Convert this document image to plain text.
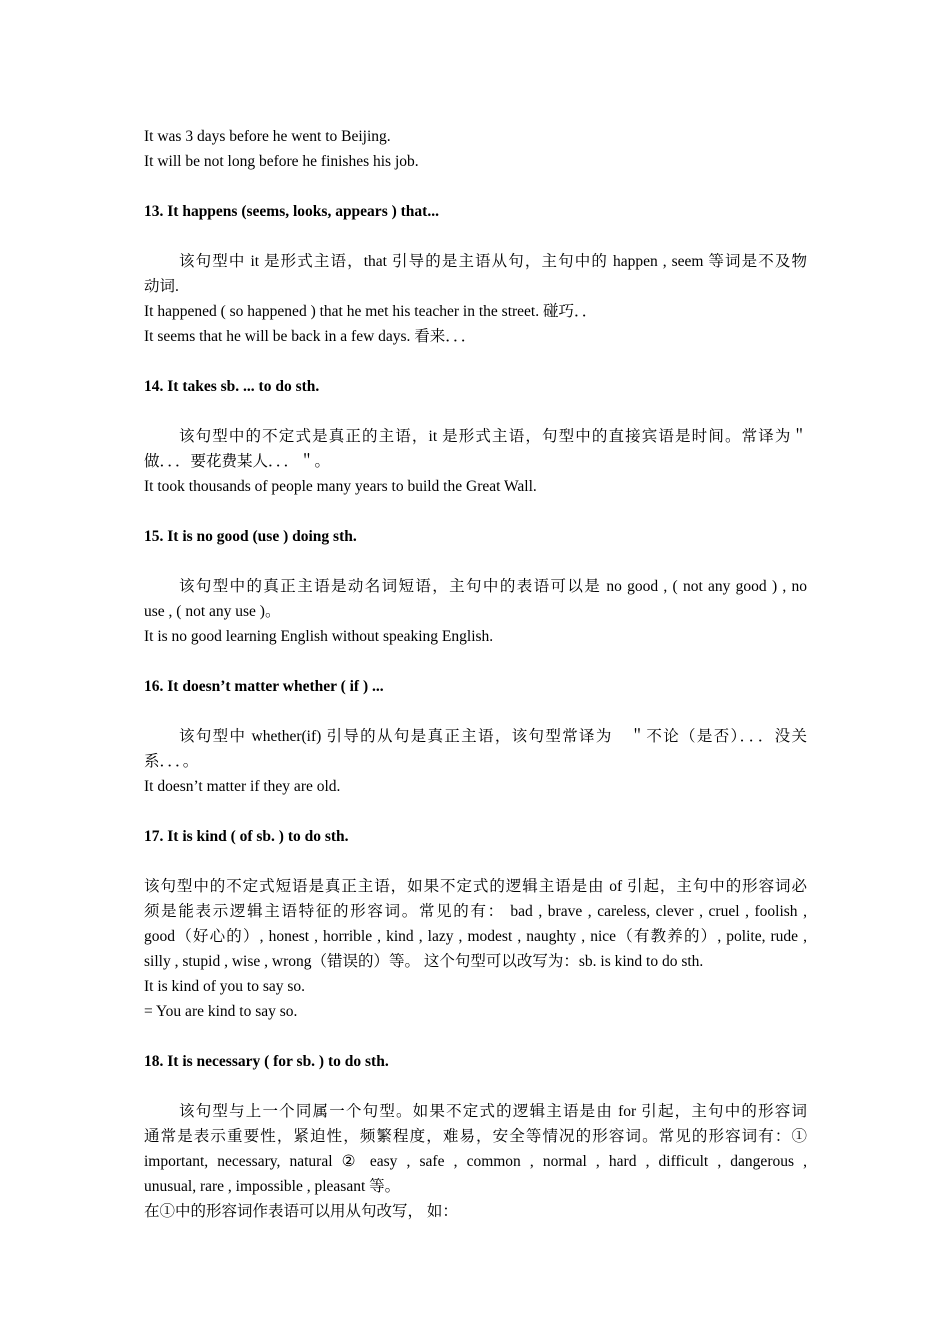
It was 3 days before he went to Beijing.
It will be not long before he finishes his job.
13. It happens (seems, looks, appears ) that...
该句型中 it 是形式主语，that 引导的是主语从句，主句中的 happen , seem 等词是不及物
动词.
It happened ( so happened ) that he met his teacher in the street. 碰巧．．
It seems that he will be back in a few days. 看来．．．
14. It takes sb. ... to do sth.
该句型中的不定式是真正的主语，it 是形式主语，句型中的直接宾语是时间。常译为＂
做．．．要花费某人．．．＂。
It took thousands of people many years to build the Great Wall.
15. It is no good (use ) doing sth.
该句型中的真正主语是动名词短语，主句中的表语可以是 no good , ( not any good ) , no
use , ( not any use )。
It is no good learning English without speaking English.
16. It doesn’t matter whether ( if ) ...
该句型中 whether(if) 引导的从句是真正主语，该句型常译为　＂不论（是否）．．．没关
系．．．。
It doesn’t matter if they are old.
17. It is kind ( of sb. ) to do sth.
该句型中的不定式短语是真正主语，如果不定式的逻辑主语是由 of 引起，主句中的形容词必
须是能表示逻辑主语特征的形容词。常见的有： bad , brave , careless, clever , cruel , foolish ,
good（好心的）, honest , horrible , kind , lazy , modest , naughty , nice（有教养的）, polite, rude ,
silly , stupid , wise , wrong（错误的）等。 这个句型可以改写为：sb. is kind to do sth.
It is kind of you to say so.
= You are kind to say so.
18. It is necessary ( for sb. ) to do sth.
该句型与上一个同属一个句型。如果不定式的逻辑主语是由 for 引起，主句中的形容词
通常是表示重要性，紧迫性，频繁程度，难易，安全等情况的形容词。常见的形容词有：①
important, necessary, natural ② easy , safe , common , normal , hard , difficult , dangerous ,
unusual, rare , impossible , pleasant 等。
在①中的形容词作表语可以用从句改写， 如：
